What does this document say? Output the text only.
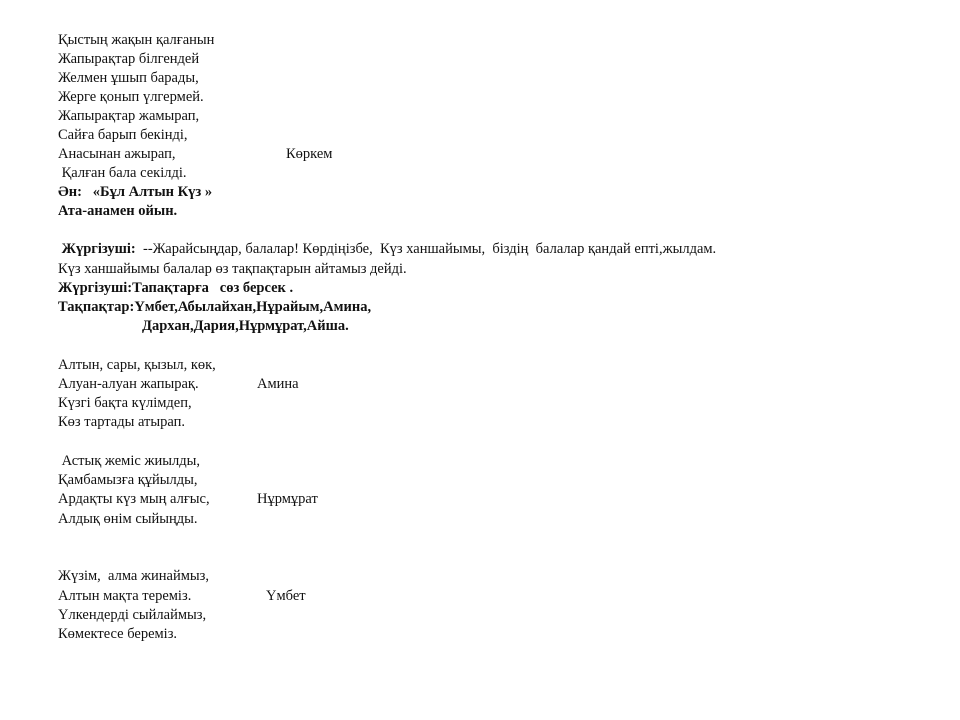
Қыстың жақын қалғанын
Жапырақтар білгендей
Желмен ұшып барады,
Жерге қонып үлгермей.
Жапырақтар жамырап,
Сайға барып бекінді,
Анасынан ажырап,	Көркем
Қалған бала секілді.
Ән:   «Бұл Алтын Күз »
Ата-анамен ойын.
Жүргізуші:  --Жарайсыңдар, балалар! Көрдіңізбе,  Күз ханшайымы,  біздің  балалар қандай епті,жылдам.
Күз ханшайымы балалар өз тақпақтарын айтамыз дейді.
Жүргізуші:Тапақтарға   сөз берсек .
Тақпақтар:Үмбет,Абылайхан,Нұрайым,Амина,
Дархан,Дария,Нұрмұрат,Айша.
Алтын, сары, қызыл, көк,
Алуан-алуан жапырақ.	Амина
Күзгі бақта күлімдеп,
Көз тартады атырап.
Астық жеміс жиылды,
Қамбамызға құйылды,
Ардақты күз мың алғыс,	Нұрмұрат
Алдық өнім сыйыңды.
Жүзім,  алма жинаймыз,
Алтын мақта тереміз.	Үмбет
Үлкендерді сыйлаймыз,
Көмектесе береміз.
